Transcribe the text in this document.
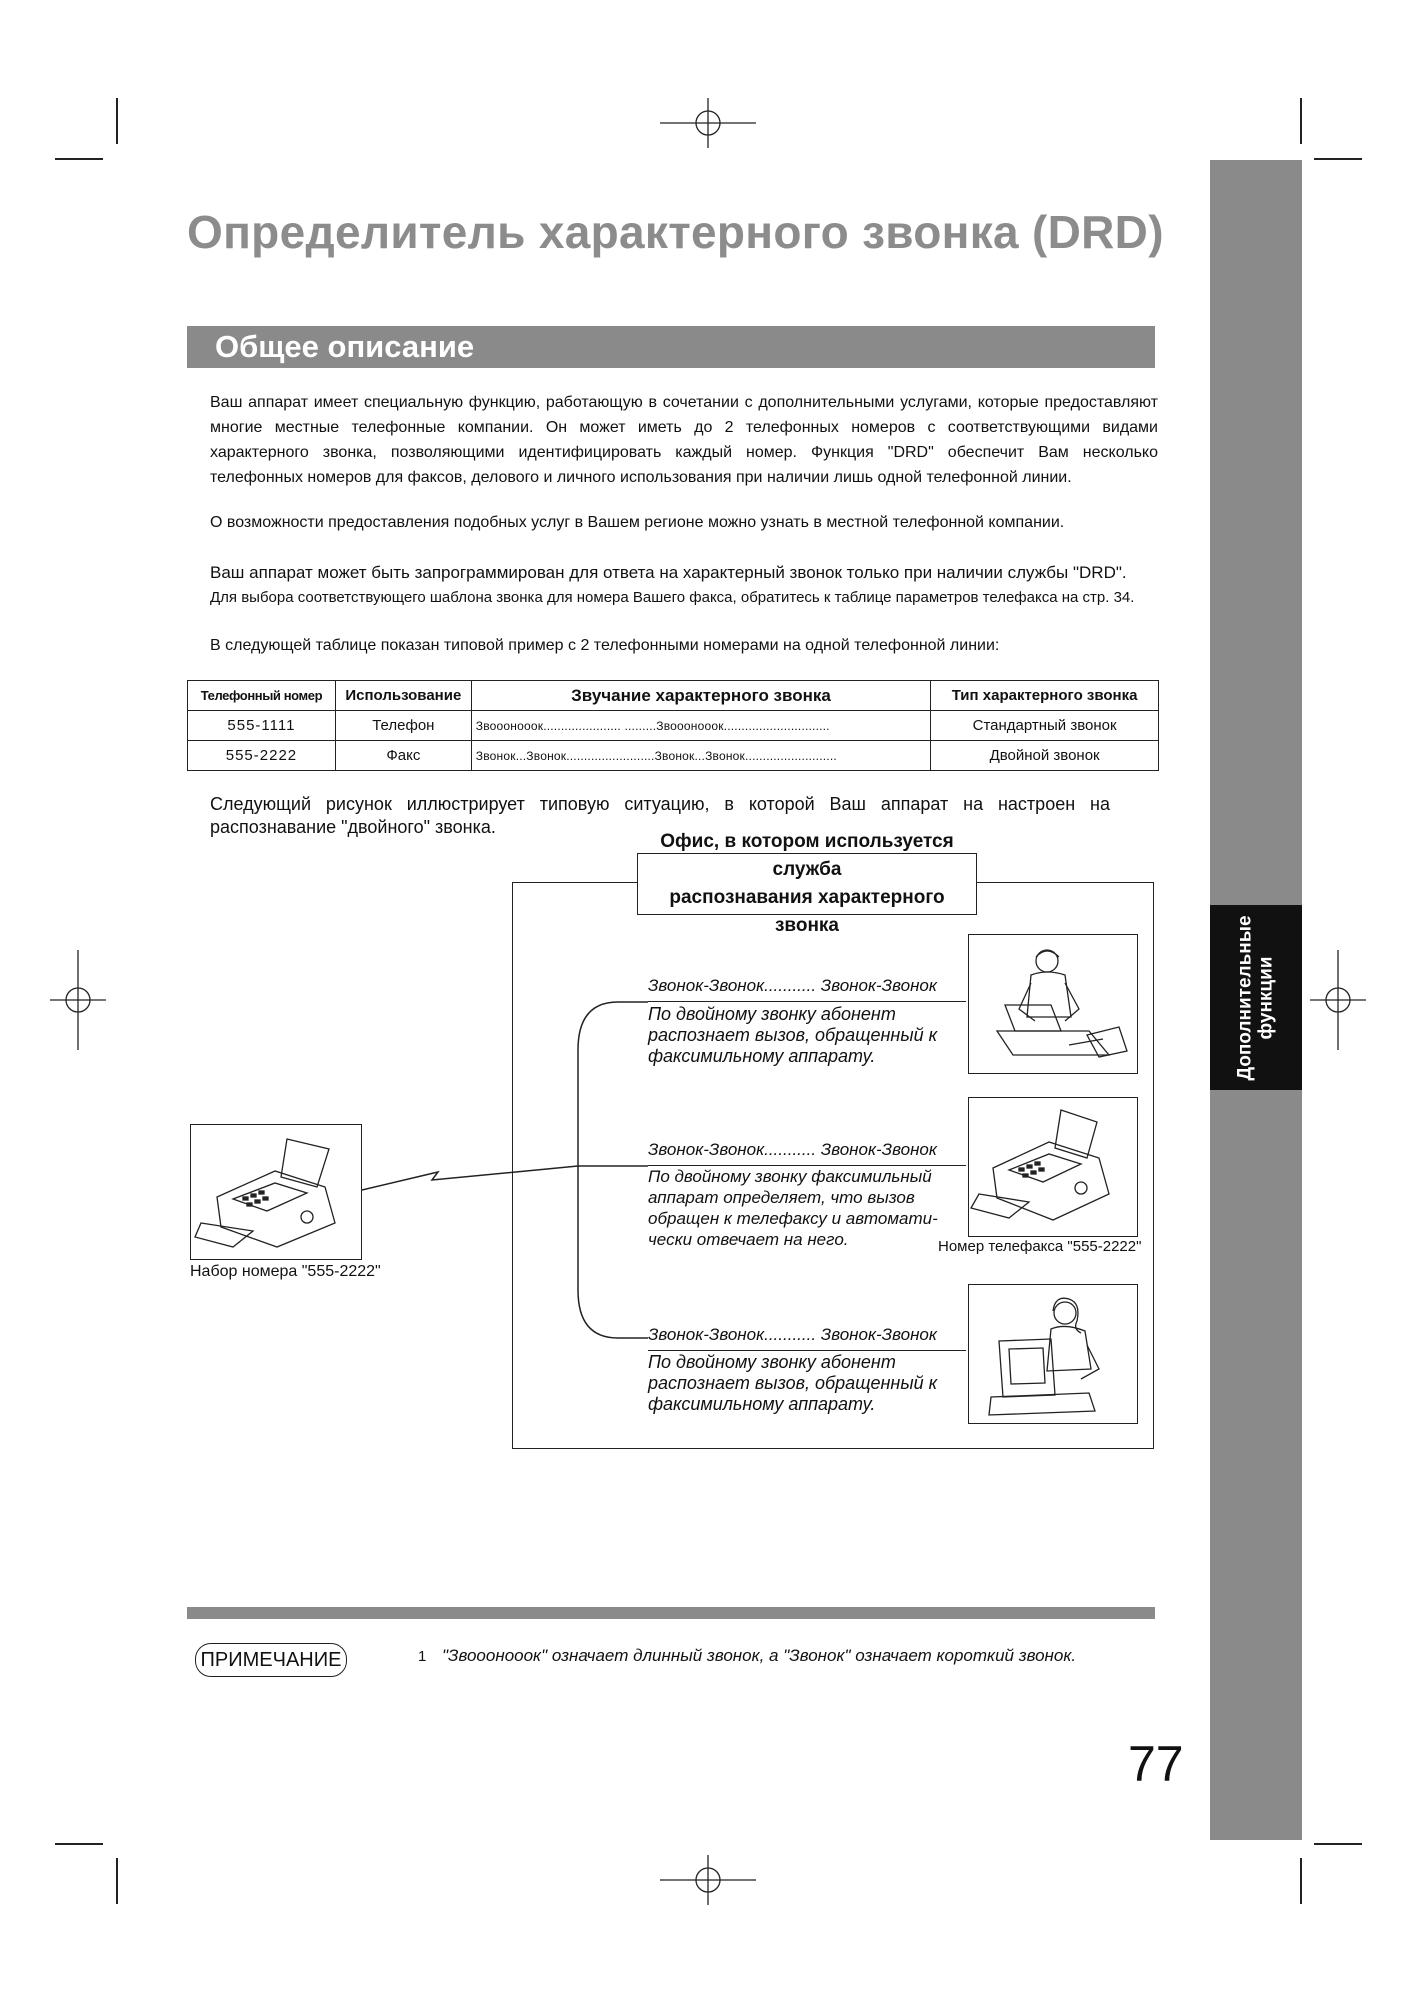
Дополнительные функции
Определитель характерного звонка (DRD)
Общее описание
Ваш аппарат имеет специальную функцию, работающую в сочетании с дополнительными услугами, которые предоставляют многие местные телефонные компании. Он может иметь до 2 телефонных номеров с соответствующими видами характерного звонка, позволяющими идентифицировать каждый номер. Функция "DRD" обеспечит Вам несколько телефонных номеров для факсов, делового и личного использования при наличии лишь одной телефонной линии.
О возможности предоставления подобных услуг в Вашем регионе можно узнать в местной телефонной компании.
Ваш аппарат может быть запрограммирован для ответа на характерный звонок только при наличии службы "DRD".
Для выбора соответствующего шаблона звонка для номера Вашего факса, обратитесь к таблице параметров телефакса на стр. 34.
В следующей таблице показан типовой пример с 2 телефонными номерами на одной телефонной линии:
Телефонный номер	Использование	Звучание характерного звонка	Тип характерного звонка
555-1111	Телефон	Звоооноoок...................... .........Звоооноoок..............................	Стандартный звонок
555-2222	Факс	Звонок...Звонок.........................Звонок...Звонок..........................	Двойной звонок
Следующий рисунок иллюстрирует типовую ситуацию, в которой Ваш аппарат на настроен на распознавание "двойного" звонка.
Офис, в котором используется служба
распознавания характерного звонка
Звонок-Звонок........... Звонок-Звонок
По двойному звонку абонент распознает вызов, обращенный к факсимильному аппарату.
Звонок-Звонок........... Звонок-Звонок
По двойному звонку факсимильный аппарат определяет, что вызов обращен к телефаксу и автомати- чески отвечает на него.
Звонок-Звонок........... Звонок-Звонок
По двойному звонку абонент распознает вызов, обращенный к факсимильному аппарату.
Номер телефакса "555-2222"
Набор номера "555-2222"
ПРИМЕЧАНИЕ	1 "Звоооноoок" означает длинный звонок, а "Звонок" означает короткий звонок.
77
